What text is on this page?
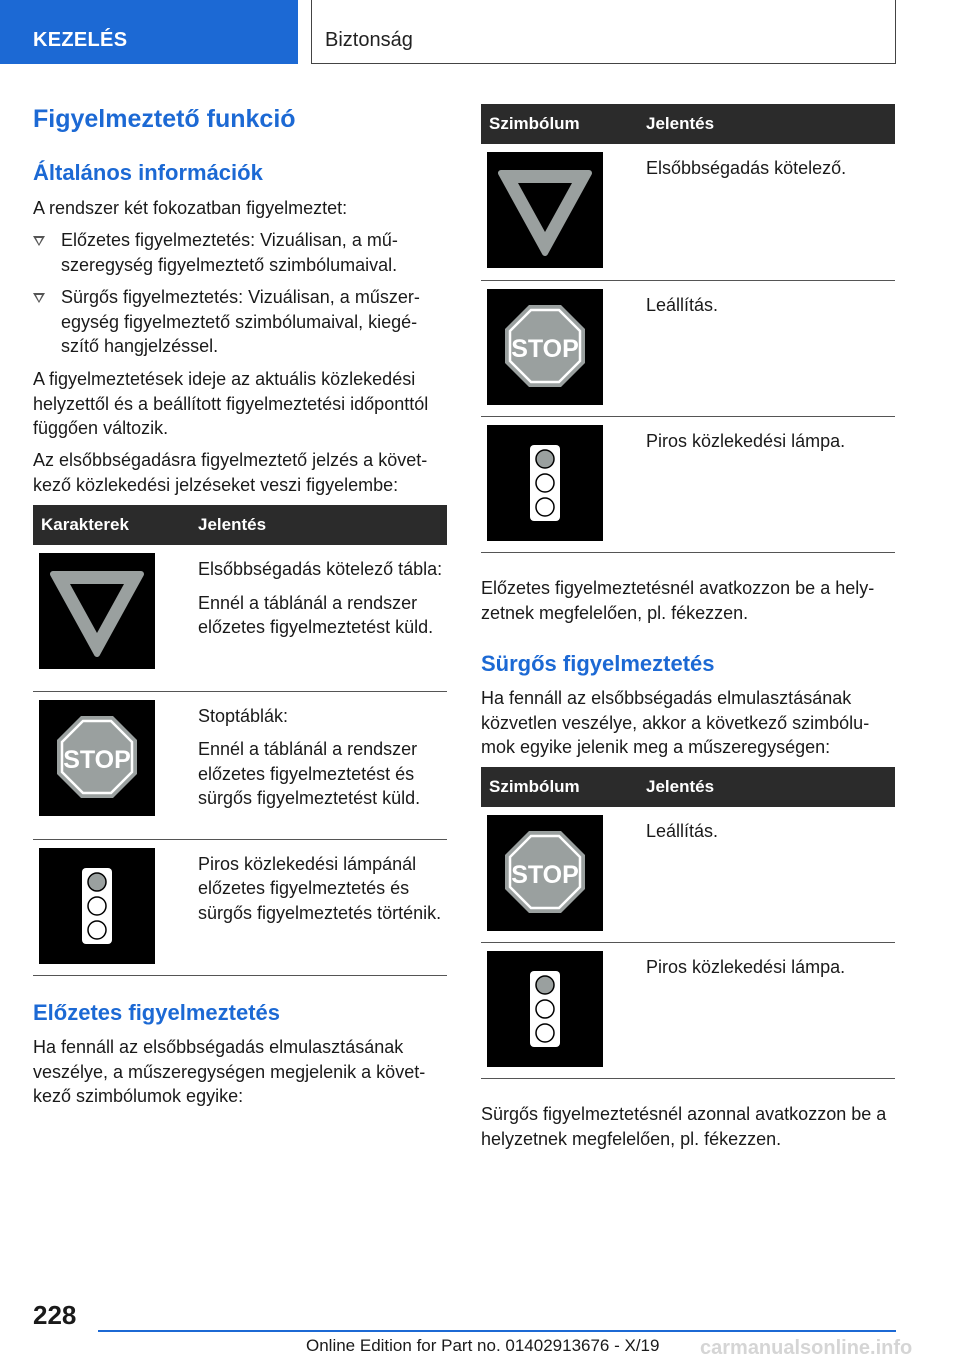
KEZELÉS	Biztonság
Figyelmeztető funkció
Általános információk

A rendszer két fokozatban figyelmeztet:

Előzetes figyelmeztetés: Vizuálisan, a műszeregység figyelmeztető szimbólumaival.
Sürgős figyelmeztetés: Vizuálisan, a műszeregység figyelmeztető szimbólumaival, kiegészítő hangjelzéssel.

A figyelmeztetések ideje az aktuális közlekedési helyzettől és a beállított figyelmeztetési időponttól függően változik.

Az elsőbbségadásra figyelmeztető jelzés a következő közlekedési jelzéseket veszi figyelembe:

Karakterek	Jelentés

Elsőbbségadás kötelező tábla:

Ennél a táblánál a rendszer előzetes figyelmeztetést küld.

STOP	Stoptáblák:

Ennél a táblánál a rendszer előzetes figyelmeztetést és sürgős figyelmeztetést küld.

Piros közlekedési lámpánál előzetes figyelmeztetés és sürgős figyelmeztetés történik.

Előzetes figyelmeztetés

Ha fennáll az elsőbbségadás elmulasztásának veszélye, a műszeregységen megjelenik a következő szimbólumok egyike:

Szimbólum	Jelentés

Elsőbbségadás kötelező.

STOP	Leállítás.

Piros közlekedési lámpa.

Előzetes figyelmeztetésnél avatkozzon be a helyzetnek megfelelően, pl. fékezzen.

Sürgős figyelmeztetés

Ha fennáll az elsőbbségadás elmulasztásának közvetlen veszélye, akkor a következő szimbólumok egyike jelenik meg a műszeregységen:

Szimbólum	Jelentés

STOP	Leállítás.

Piros közlekedési lámpa.

Sürgős figyelmeztetésnél azonnal avatkozzon be a helyzetnek megfelelően, pl. fékezzen.

228
Online Edition for Part no. 01402913676 - X/19 carmanualsonline.info
